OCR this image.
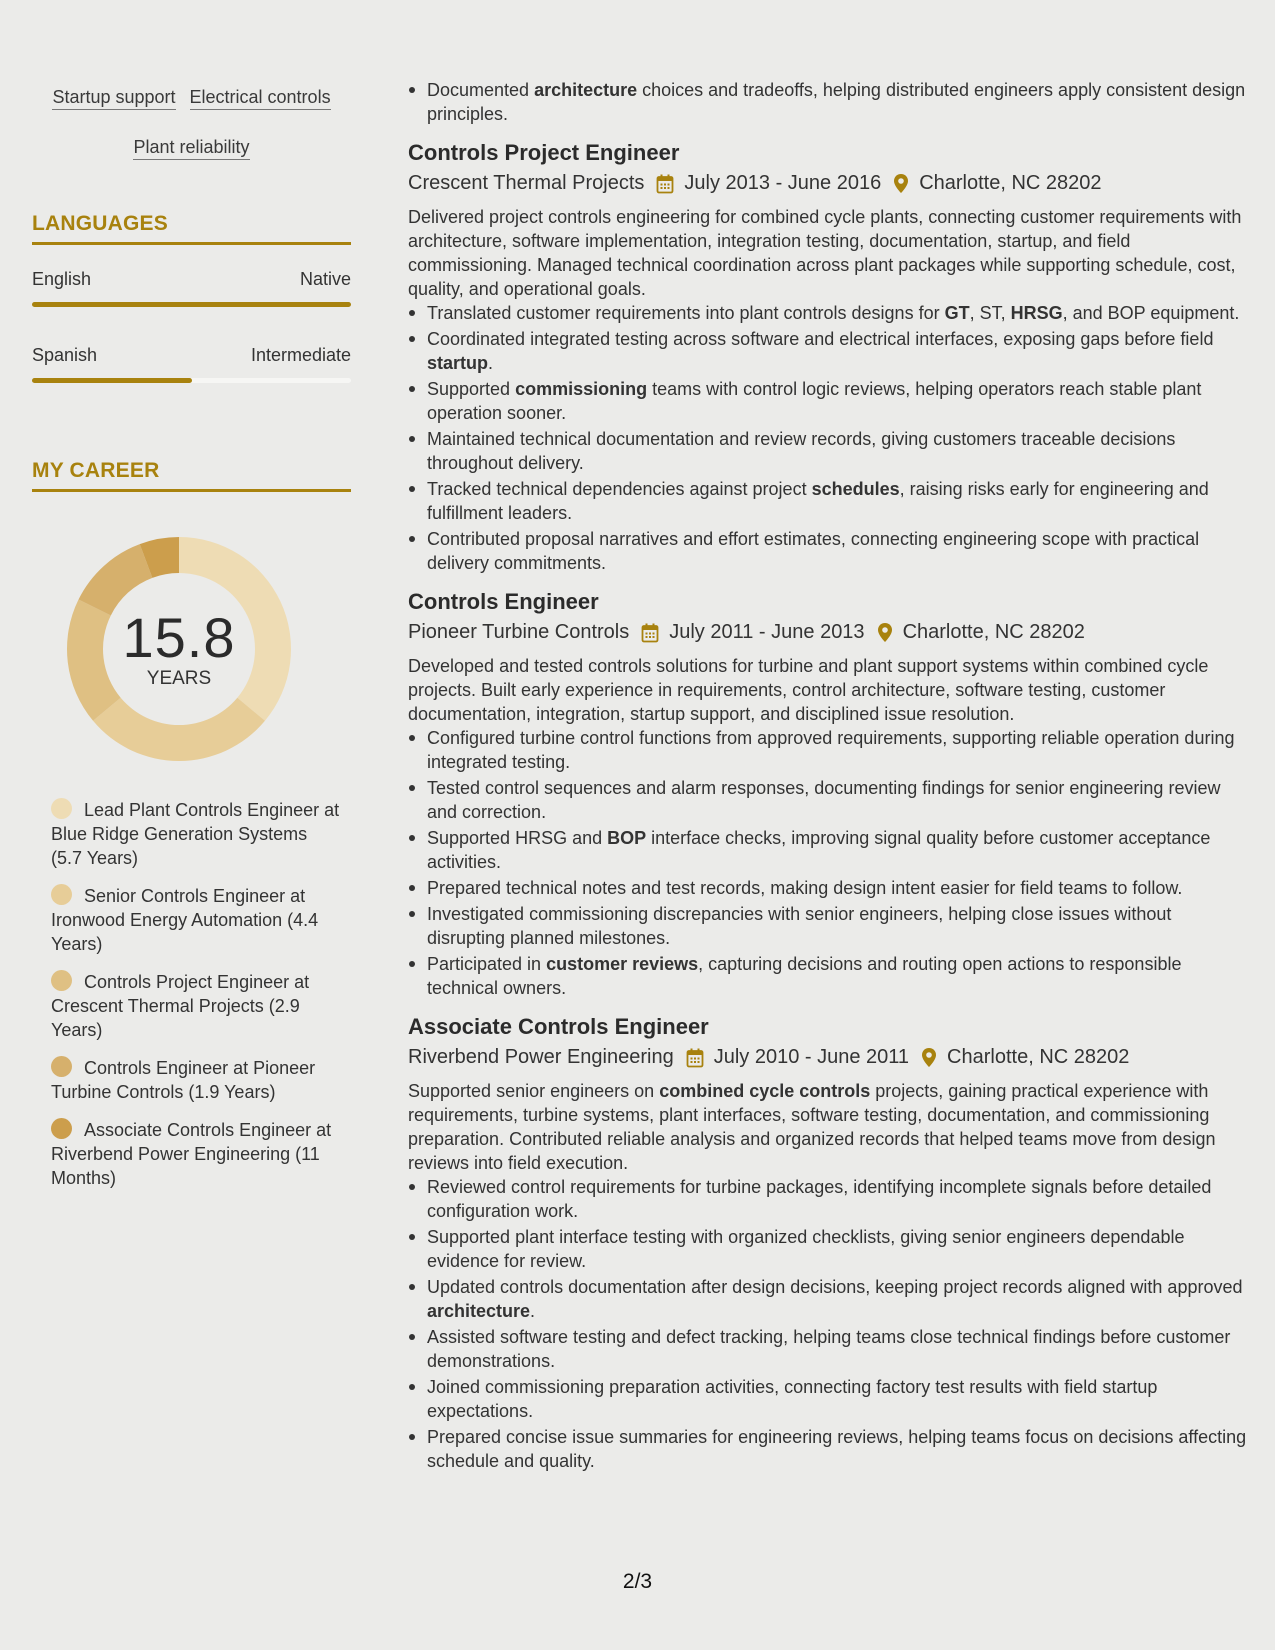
Startup support Electrical controls
Plant reliability
LANGUAGES
English	Native
Spanish	Intermediate
MY CAREER
15.8
YEARS
Lead Plant Controls Engineer at Blue Ridge Generation Systems (5.7 Years)
Senior Controls Engineer at Ironwood Energy Automation (4.4 Years)
Controls Project Engineer at Crescent Thermal Projects (2.9 Years)
Controls Engineer at Pioneer Turbine Controls (1.9 Years)
Associate Controls Engineer at Riverbend Power Engineering (11 Months)
Documented architecture choices and tradeoffs, helping distributed engineers apply consistent design principles.
Controls Project Engineer
Crescent Thermal Projects July 2013 - June 2016 Charlotte, NC 28202
Delivered project controls engineering for combined cycle plants, connecting customer requirements with architecture, software implementation, integration testing, documentation, startup, and field commissioning. Managed technical coordination across plant packages while supporting schedule, cost, quality, and operational goals.
Translated customer requirements into plant controls designs for GT, ST, HRSG, and BOP equipment.
Coordinated integrated testing across software and electrical interfaces, exposing gaps before field startup.
Supported commissioning teams with control logic reviews, helping operators reach stable plant operation sooner.
Maintained technical documentation and review records, giving customers traceable decisions throughout delivery.
Tracked technical dependencies against project schedules, raising risks early for engineering and fulfillment leaders.
Contributed proposal narratives and effort estimates, connecting engineering scope with practical delivery commitments.
Controls Engineer
Pioneer Turbine Controls July 2011 - June 2013 Charlotte, NC 28202
Developed and tested controls solutions for turbine and plant support systems within combined cycle projects. Built early experience in requirements, control architecture, software testing, customer documentation, integration, startup support, and disciplined issue resolution.
Configured turbine control functions from approved requirements, supporting reliable operation during integrated testing.
Tested control sequences and alarm responses, documenting findings for senior engineering review and correction.
Supported HRSG and BOP interface checks, improving signal quality before customer acceptance activities.
Prepared technical notes and test records, making design intent easier for field teams to follow.
Investigated commissioning discrepancies with senior engineers, helping close issues without disrupting planned milestones.
Participated in customer reviews, capturing decisions and routing open actions to responsible technical owners.
Associate Controls Engineer
Riverbend Power Engineering July 2010 - June 2011 Charlotte, NC 28202
Supported senior engineers on combined cycle controls projects, gaining practical experience with requirements, turbine systems, plant interfaces, software testing, documentation, and commissioning preparation. Contributed reliable analysis and organized records that helped teams move from design reviews into field execution.
Reviewed control requirements for turbine packages, identifying incomplete signals before detailed configuration work.
Supported plant interface testing with organized checklists, giving senior engineers dependable evidence for review.
Updated controls documentation after design decisions, keeping project records aligned with approved architecture.
Assisted software testing and defect tracking, helping teams close technical findings before customer demonstrations.
Joined commissioning preparation activities, connecting factory test results with field startup expectations.
Prepared concise issue summaries for engineering reviews, helping teams focus on decisions affecting schedule and quality.
2/3
